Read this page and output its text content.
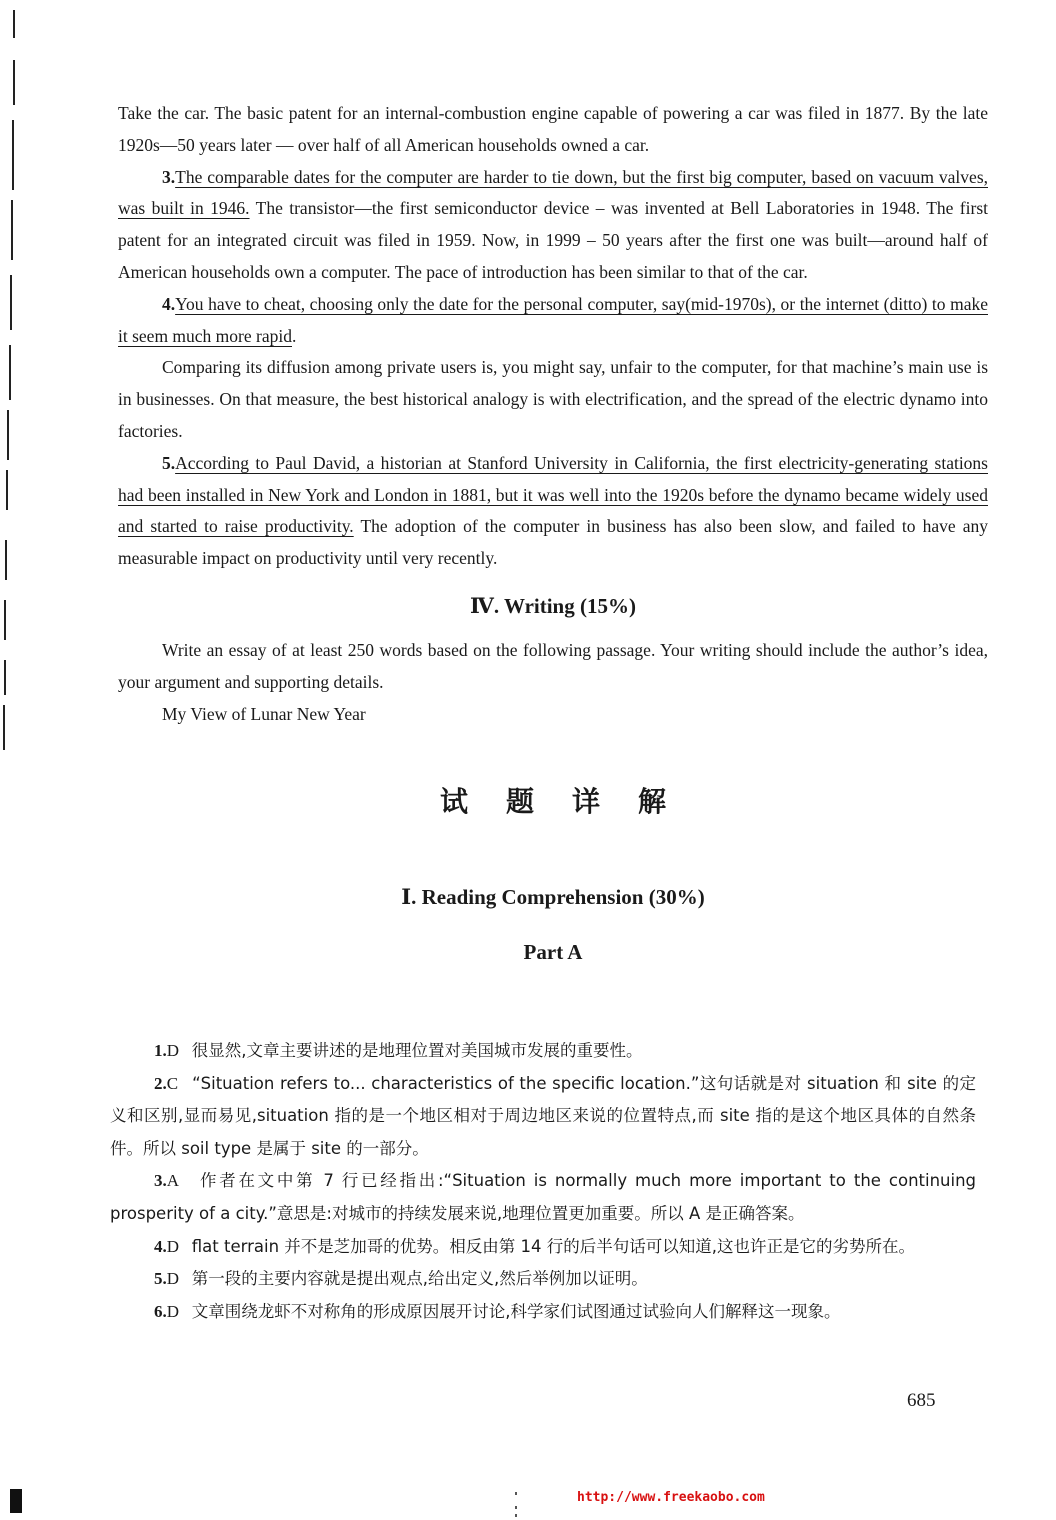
Take the car. The basic patent for an internal-combustion engine capable of powering a car was filed in 1877. By the late 1920s—50 years later — over half of all American households owned a car.

3.The comparable dates for the computer are harder to tie down, but the first big computer, based on vacuum valves, was built in 1946. The transistor—the first semiconductor device – was invented at Bell Laboratories in 1948. The first patent for an integrated circuit was filed in 1959. Now, in 1999 – 50 years after the first one was built—around half of American households own a computer. The pace of introduction has been similar to that of the car.

4.You have to cheat, choosing only the date for the personal computer, say(mid-1970s), or the internet (ditto) to make it seem much more rapid.

Comparing its diffusion among private users is, you might say, unfair to the computer, for that machine’s main use is in businesses. On that measure, the best historical analogy is with electrification, and the spread of the electric dynamo into factories.

5.According to Paul David, a historian at Stanford University in California, the first electricity-generating stations had been installed in New York and London in 1881, but it was well into the 1920s before the dynamo became widely used and started to raise productivity. The adoption of the computer in business has also been slow, and failed to have any measurable impact on productivity until very recently.

Ⅳ. Writing (15%)

Write an essay of at least 250 words based on the following passage. Your writing should include the author’s idea, your argument and supporting details.

My View of Lunar New Year

试题详解
Ⅰ. Reading Comprehension (30%)
Part A

1.D 很显然,文章主要讲述的是地理位置对美国城市发展的重要性。

2.C “Situation refers to... characteristics of the specific location.”这句话就是对 situation 和 site 的定义和区别,显而易见,situation 指的是一个地区相对于周边地区来说的位置特点,而 site 指的是这个地区具体的自然条件。所以 soil type 是属于 site 的一部分。

3.A 作者在文中第 7 行已经指出:“Situation is normally much more important to the continuing prosperity of a city.”意思是:对城市的持续发展来说,地理位置更加重要。所以 A 是正确答案。

4.D flat terrain 并不是芝加哥的优势。相反由第 14 行的后半句话可以知道,这也许正是它的劣势所在。

5.D 第一段的主要内容就是提出观点,给出定义,然后举例加以证明。

6.D 文章围绕龙虾不对称角的形成原因展开讨论,科学家们试图通过试验向人们解释这一现象。

685
http://www.freekaobo.com
